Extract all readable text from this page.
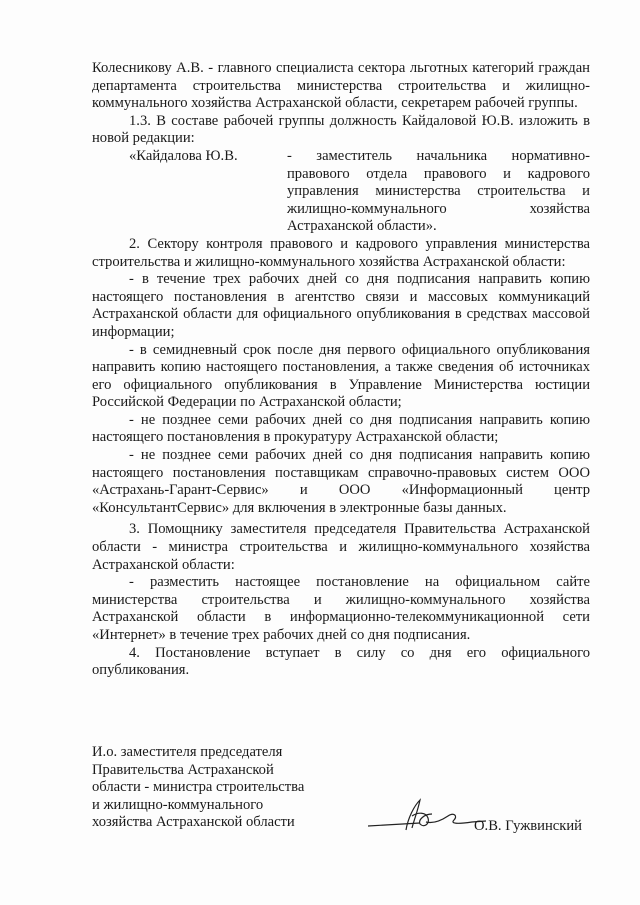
Колесникову А.В. - главного специалиста сектора льготных категорий граждан департамента строительства министерства строительства и жилищно-коммунального хозяйства Астраханской области, секретарем рабочей группы.

1.3. В составе рабочей группы должность Кайдаловой Ю.В. изложить в новой редакции:

«Кайдалова Ю.В.	- заместитель начальника нормативно-правового отдела правового и кадрового управления министерства строительства и жилищно-коммунального хозяйства Астраханской области».

2. Сектору контроля правового и кадрового управления министерства строительства и жилищно-коммунального хозяйства Астраханской области:

- в течение трех рабочих дней со дня подписания направить копию настоящего постановления в агентство связи и массовых коммуникаций Астраханской области для официального опубликования в средствах массовой информации;

- в семидневный срок после дня первого официального опубликования направить копию настоящего постановления, а также сведения об источниках его официального опубликования в Управление Министерства юстиции Российской Федерации по Астраханской области;

- не позднее семи рабочих дней со дня подписания направить копию настоящего постановления в прокуратуру Астраханской области;

- не позднее семи рабочих дней со дня подписания направить копию настоящего постановления поставщикам справочно-правовых систем ООО «Астрахань-Гарант-Сервис» и ООО «Информационный центр «КонсультантСервис» для включения в электронные базы данных.

3. Помощнику заместителя председателя Правительства Астраханской области - министра строительства и жилищно-коммунального хозяйства Астраханской области:

- разместить настоящее постановление на официальном сайте министерства строительства и жилищно-коммунального хозяйства Астраханской области в информационно-телекоммуникационной сети «Интернет» в течение трех рабочих дней со дня подписания.

4. Постановление вступает в силу со дня его официального опубликования.

И.о. заместителя председателя
Правительства Астраханской
области - министра строительства
и жилищно-коммунального
хозяйства Астраханской области	О.В. Гужвинский
